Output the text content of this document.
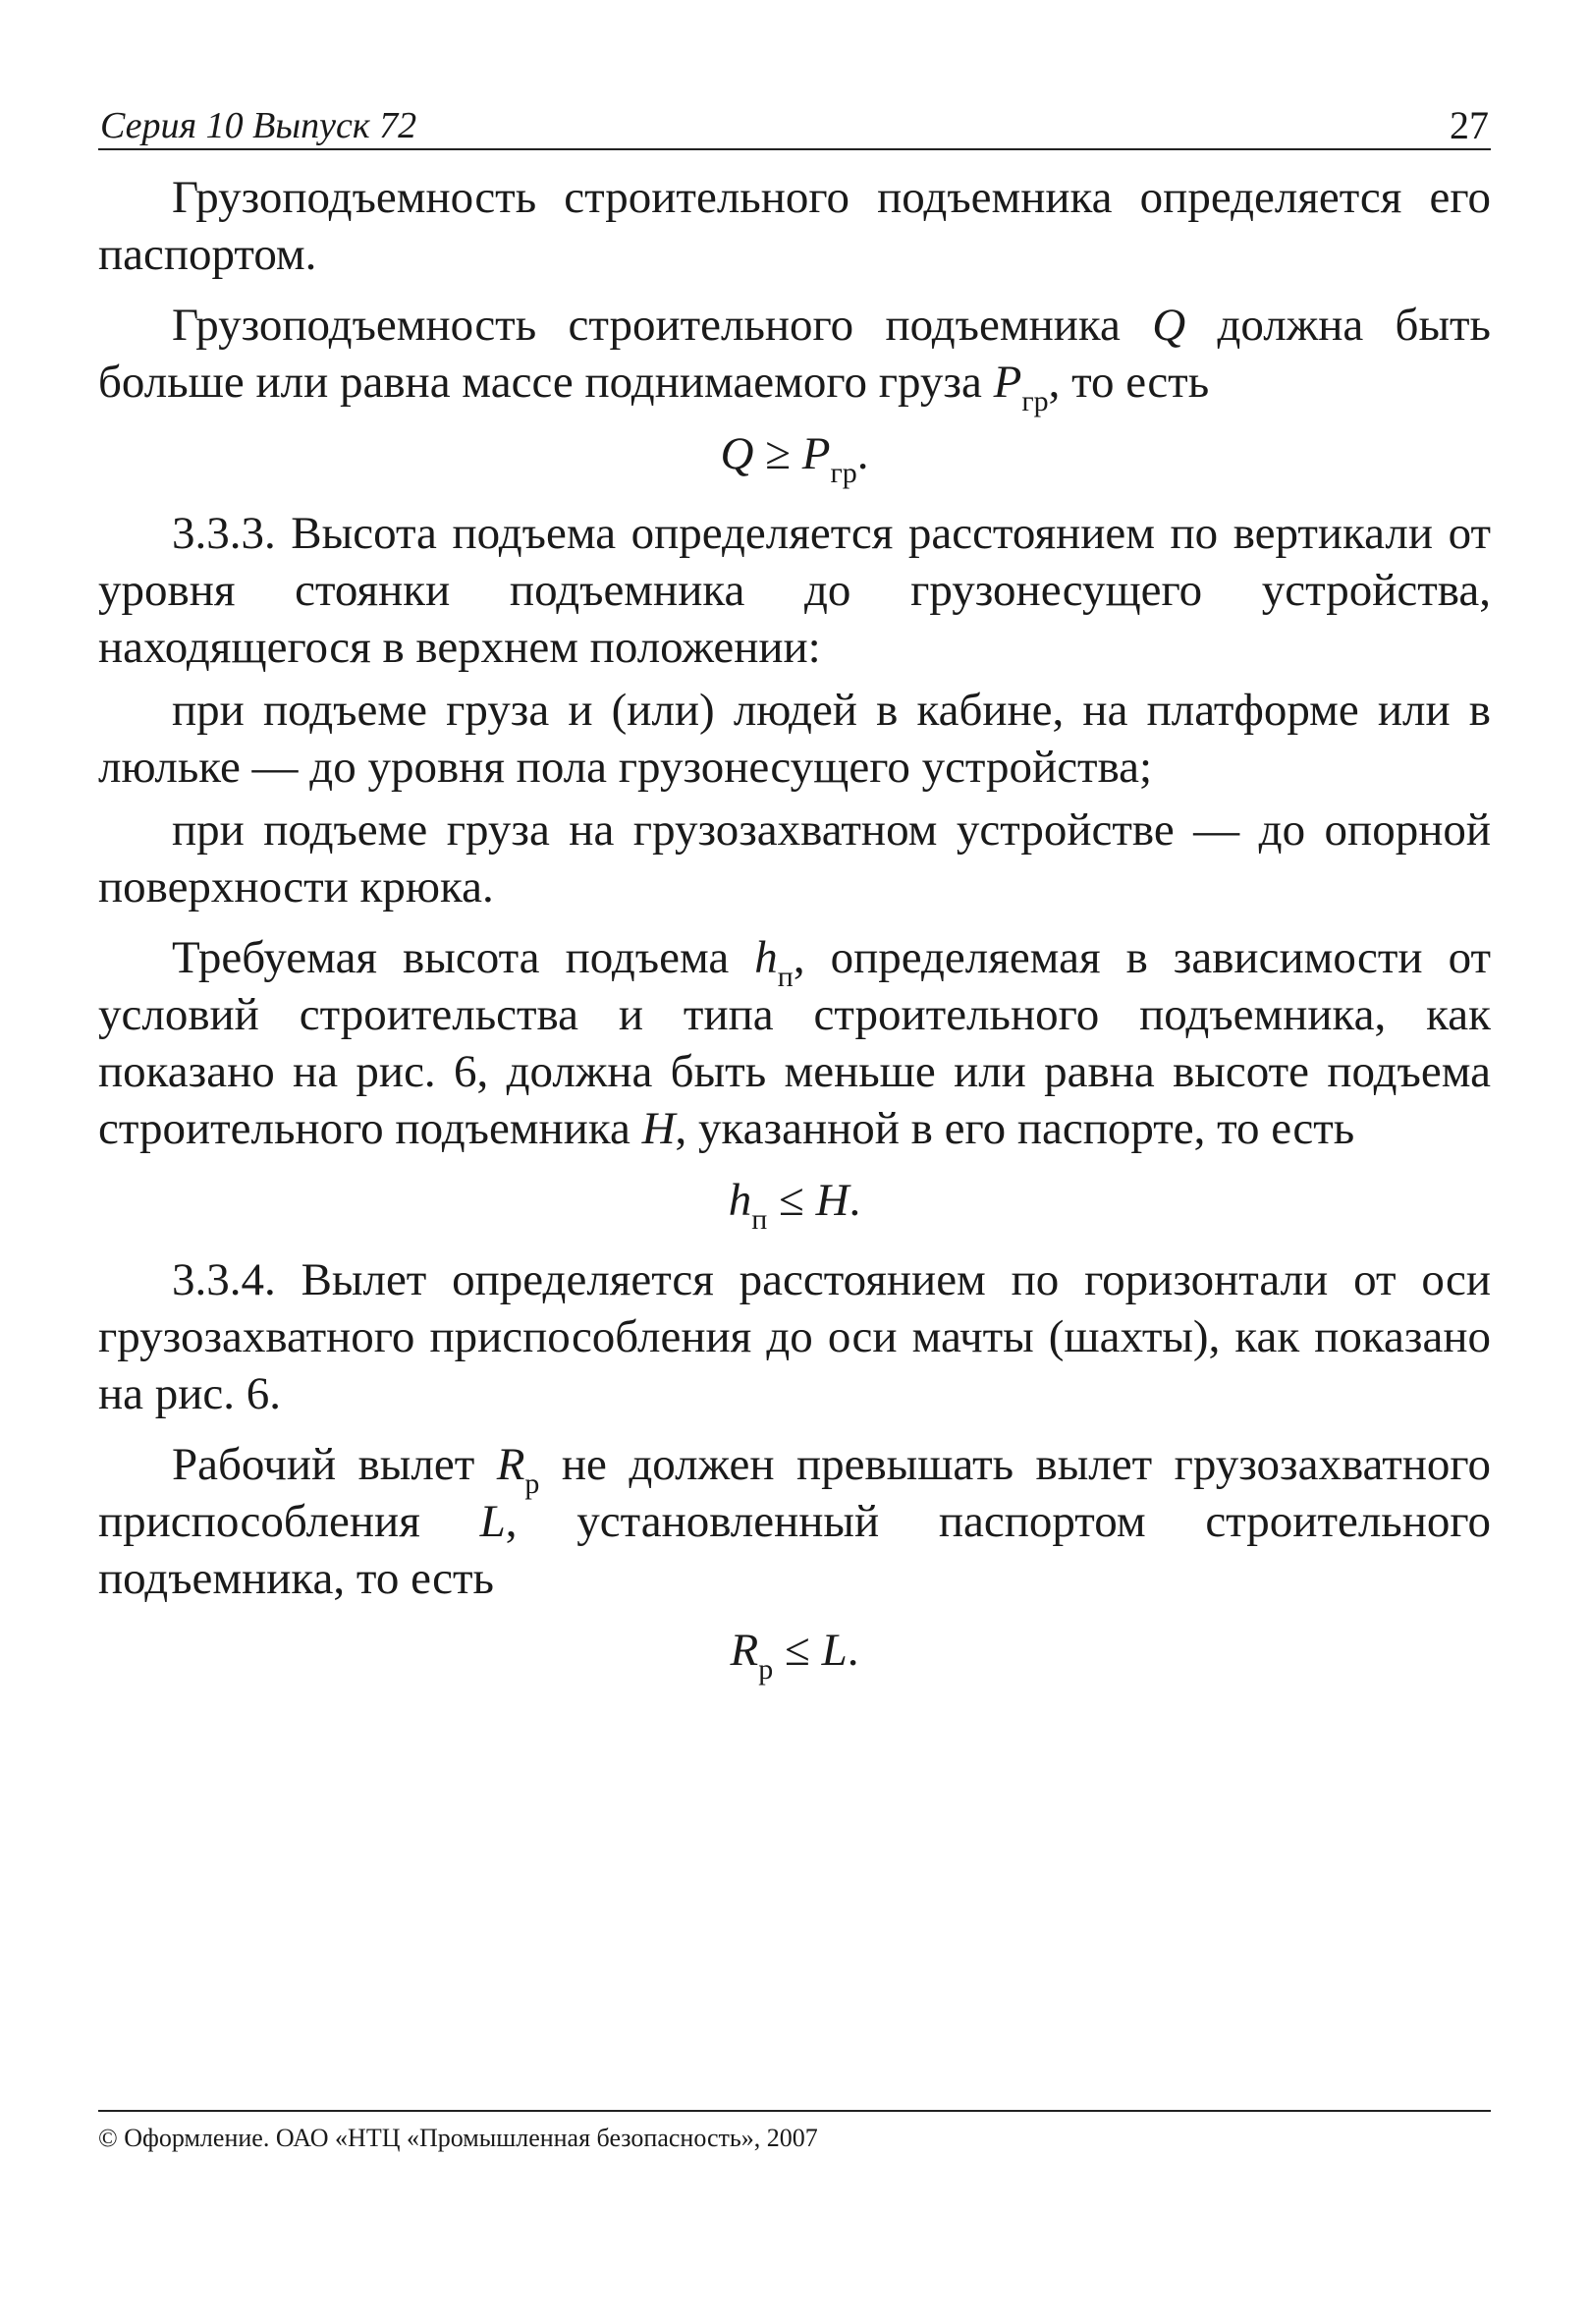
Серия 10 Выпуск 72	27

Грузоподъемность строительного подъемника определяется его паспортом.

Грузоподъемность строительного подъемника Q должна быть больше или равна массе поднимаемого груза $P_{гр}$, то есть

$Q \ge P_{гр}$.

3.3.3. Высота подъема определяется расстоянием по вертикали от уровня стоянки подъемника до грузонесущего устройства, находящегося в верхнем положении:

при подъеме груза и (или) людей в кабине, на платформе или в люльке — до уровня пола грузонесущего устройства;

при подъеме груза на грузозахватном устройстве — до опорной поверхности крюка.

Требуемая высота подъема $h_п$, определяемая в зависимости от условий строительства и типа строительного подъемника, как показано на рис. 6, должна быть меньше или равна высоте подъема строительного подъемника H, указанной в его паспорте, то есть

$h_п \le H$.

3.3.4. Вылет определяется расстоянием по горизонтали от оси грузозахватного приспособления до оси мачты (шахты), как показано на рис. 6.

Рабочий вылет $R_р$ не должен превышать вылет грузозахватного приспособления L, установленный паспортом строительного подъемника, то есть

$R_р \le L$.
© Оформление. ОАО «НТЦ «Промышленная безопасность», 2007
